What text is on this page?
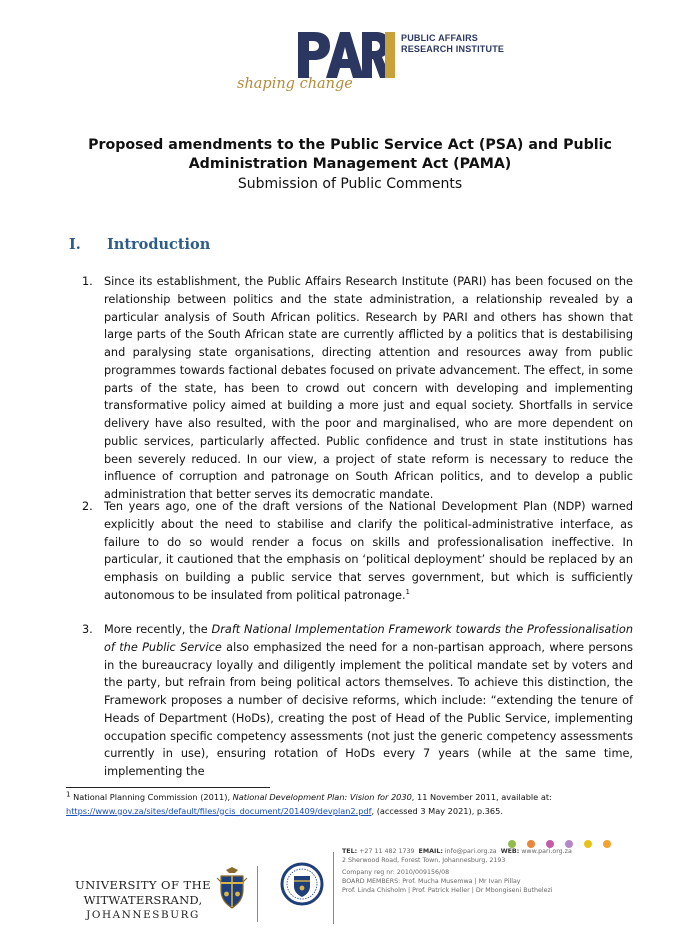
PUBLIC AFFAIRS
RESEARCH INSTITUTE
shaping change
Proposed amendments to the Public Service Act (PSA) and Public
Administration Management Act (PAMA)
Submission of Public Comments
I. Introduction
1. Since its establishment, the Public Affairs Research Institute (PARI) has been focused on the relationship between politics and the state administration, a relationship revealed by a particular analysis of South African politics. Research by PARI and others has shown that large parts of the South African state are currently afflicted by a politics that is destabilising and paralysing state organisations, directing attention and resources away from public programmes towards factional debates focused on private advancement. The effect, in some parts of the state, has been to crowd out concern with developing and implementing transformative policy aimed at building a more just and equal society. Shortfalls in service delivery have also resulted, with the poor and marginalised, who are more dependent on public services, particularly affected. Public confidence and trust in state institutions has been severely reduced. In our view, a project of state reform is necessary to reduce the influence of corruption and patronage on South African politics, and to develop a public administration that better serves its democratic mandate.
2. Ten years ago, one of the draft versions of the National Development Plan (NDP) warned explicitly about the need to stabilise and clarify the political-administrative interface, as failure to do so would render a focus on skills and professionalisation ineffective. In particular, it cautioned that the emphasis on ‘political deployment’ should be replaced by an emphasis on building a public service that serves government, but which is sufficiently autonomous to be insulated from political patronage.$^1$
3. More recently, the Draft National Implementation Framework towards the Professionalisation of the Public Service also emphasized the need for a non-partisan approach, where persons in the bureaucracy loyally and diligently implement the political mandate set by voters and the party, but refrain from being political actors themselves. To achieve this distinction, the Framework proposes a number of decisive reforms, which include: “extending the tenure of Heads of Department (HoDs), creating the post of Head of the Public Service, implementing occupation specific competency assessments (not just the generic competency assessments currently in use), ensuring rotation of HoDs every 7 years (while at the same time, implementing the
$^1$ National Planning Commission (2011), National Development Plan: Vision for 2030, 11 November 2011, available at: https://www.gov.za/sites/default/files/gcis_document/201409/devplan2.pdf, (accessed 3 May 2021), p.365.
UNIVERSITY OF THE
WITWATERSRAND,
JOHANNESBURG
TEL: +27 11 482 1739 EMAIL: info@pari.org.za WEB: www.pari.org.za
2 Sherwood Road, Forest Town, Johannesburg, 2193
Company reg nr: 2010/009156/08
BOARD MEMBERS: Prof. Mucha Musemwa | Mr Ivan Pillay
Prof. Linda Chisholm | Prof. Patrick Heller | Dr Mbongiseni Buthelezi
